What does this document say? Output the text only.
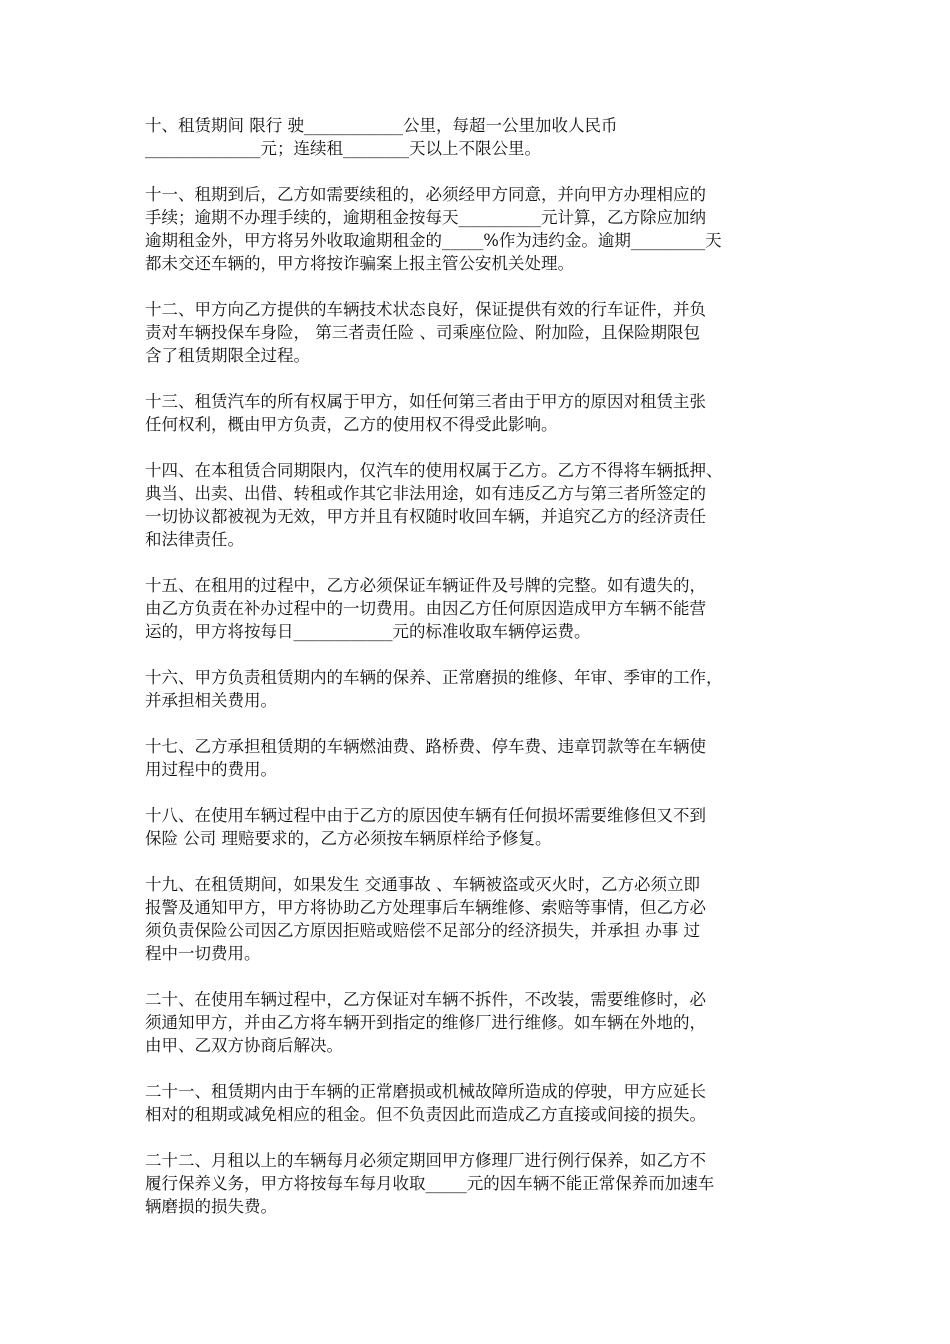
十、租赁期间 限行 驶____________公里，每超一公里加收人民币
______________元；连续租________天以上不限公里。
十一、租期到后，乙方如需要续租的，必须经甲方同意，并向甲方办理相应的
手续；逾期不办理手续的，逾期租金按每天__________元计算，乙方除应加纳
逾期租金外，甲方将另外收取逾期租金的_____%作为违约金。逾期_________天
都未交还车辆的，甲方将按诈骗案上报主管公安机关处理。
十二、甲方向乙方提供的车辆技术状态良好，保证提供有效的行车证件，并负
责对车辆投保车身险， 第三者责任险 、司乘座位险、附加险，且保险期限包
含了租赁期限全过程。
十三、租赁汽车的所有权属于甲方，如任何第三者由于甲方的原因对租赁主张
任何权利，概由甲方负责，乙方的使用权不得受此影响。
十四、在本租赁合同期限内，仅汽车的使用权属于乙方。乙方不得将车辆抵押、
典当、出卖、出借、转租或作其它非法用途，如有违反乙方与第三者所签定的
一切协议都被视为无效，甲方并且有权随时收回车辆，并追究乙方的经济责任
和法律责任。
十五、在租用的过程中，乙方必须保证车辆证件及号牌的完整。如有遗失的，
由乙方负责在补办过程中的一切费用。由因乙方任何原因造成甲方车辆不能营
运的，甲方将按每日____________元的标准收取车辆停运费。
十六、甲方负责租赁期内的车辆的保养、正常磨损的维修、年审、季审的工作，
并承担相关费用。
十七、乙方承担租赁期的车辆燃油费、路桥费、停车费、违章罚款等在车辆使
用过程中的费用。
十八、在使用车辆过程中由于乙方的原因使车辆有任何损坏需要维修但又不到
保险 公司 理赔要求的，乙方必须按车辆原样给予修复。
十九、在租赁期间，如果发生 交通事故 、车辆被盗或灭火时，乙方必须立即
报警及通知甲方，甲方将协助乙方处理事后车辆维修、索赔等事情，但乙方必
须负责保险公司因乙方原因拒赔或赔偿不足部分的经济损失，并承担 办事 过
程中一切费用。
二十、在使用车辆过程中，乙方保证对车辆不拆件，不改装，需要维修时，必
须通知甲方，并由乙方将车辆开到指定的维修厂进行维修。如车辆在外地的，
由甲、乙双方协商后解决。
二十一、租赁期内由于车辆的正常磨损或机械故障所造成的停驶，甲方应延长
相对的租期或减免相应的租金。但不负责因此而造成乙方直接或间接的损失。
二十二、月租以上的车辆每月必须定期回甲方修理厂进行例行保养，如乙方不
履行保养义务，甲方将按每车每月收取_____元的因车辆不能正常保养而加速车
辆磨损的损失费。
